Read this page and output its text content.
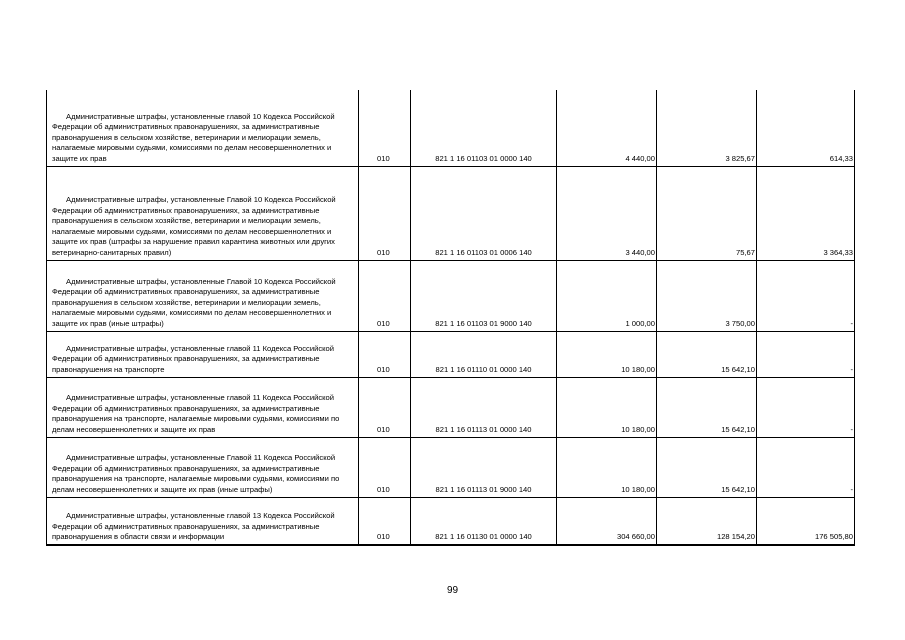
Административные штрафы, установленные главой 10 Кодекса Российской Федерации об административных правонарушениях, за административные правонарушения в сельском хозяйстве, ветеринарии и мелиорации земель, налагаемые мировыми судьями, комиссиями по делам несовершеннолетних и защите их прав	010	821 1 16 01103 01 0000 140	4 440,00	3 825,67	614,33

Административные штрафы, установленные Главой 10 Кодекса Российской Федерации об административных правонарушениях, за административные правонарушения в сельском хозяйстве, ветеринарии и мелиорации земель, налагаемые мировыми судьями, комиссиями по делам несовершеннолетних и защите их прав (штрафы за нарушение правил карантина животных или других ветеринарно-санитарных правил)	010	821 1 16 01103 01 0006 140	3 440,00	75,67	3 364,33

Административные штрафы, установленные Главой 10 Кодекса Российской Федерации об административных правонарушениях, за административные правонарушения в сельском хозяйстве, ветеринарии и мелиорации земель, налагаемые мировыми судьями, комиссиями по делам несовершеннолетних и защите их прав (иные штрафы)	010	821 1 16 01103 01 9000 140	1 000,00	3 750,00	-

Административные штрафы, установленные главой 11 Кодекса Российской Федерации об административных правонарушениях, за административные правонарушения на транспорте	010	821 1 16 01110 01 0000 140	10 180,00	15 642,10	-

Административные штрафы, установленные главой 11 Кодекса Российской Федерации об административных правонарушениях, за административные правонарушения на транспорте, налагаемые мировыми судьями, комиссиями по делам несовершеннолетних и защите их прав	010	821 1 16 01113 01 0000 140	10 180,00	15 642,10	-

Административные штрафы, установленные Главой 11 Кодекса Российской Федерации об административных правонарушениях, за административные правонарушения на транспорте, налагаемые мировыми судьями, комиссиями по делам несовершеннолетних и защите их прав (иные штрафы)	010	821 1 16 01113 01 9000 140	10 180,00	15 642,10	-

Административные штрафы, установленные главой 13 Кодекса Российской Федерации об административных правонарушениях, за административные правонарушения в области связи и информации	010	821 1 16 01130 01 0000 140	304 660,00	128 154,20	176 505,80
99
